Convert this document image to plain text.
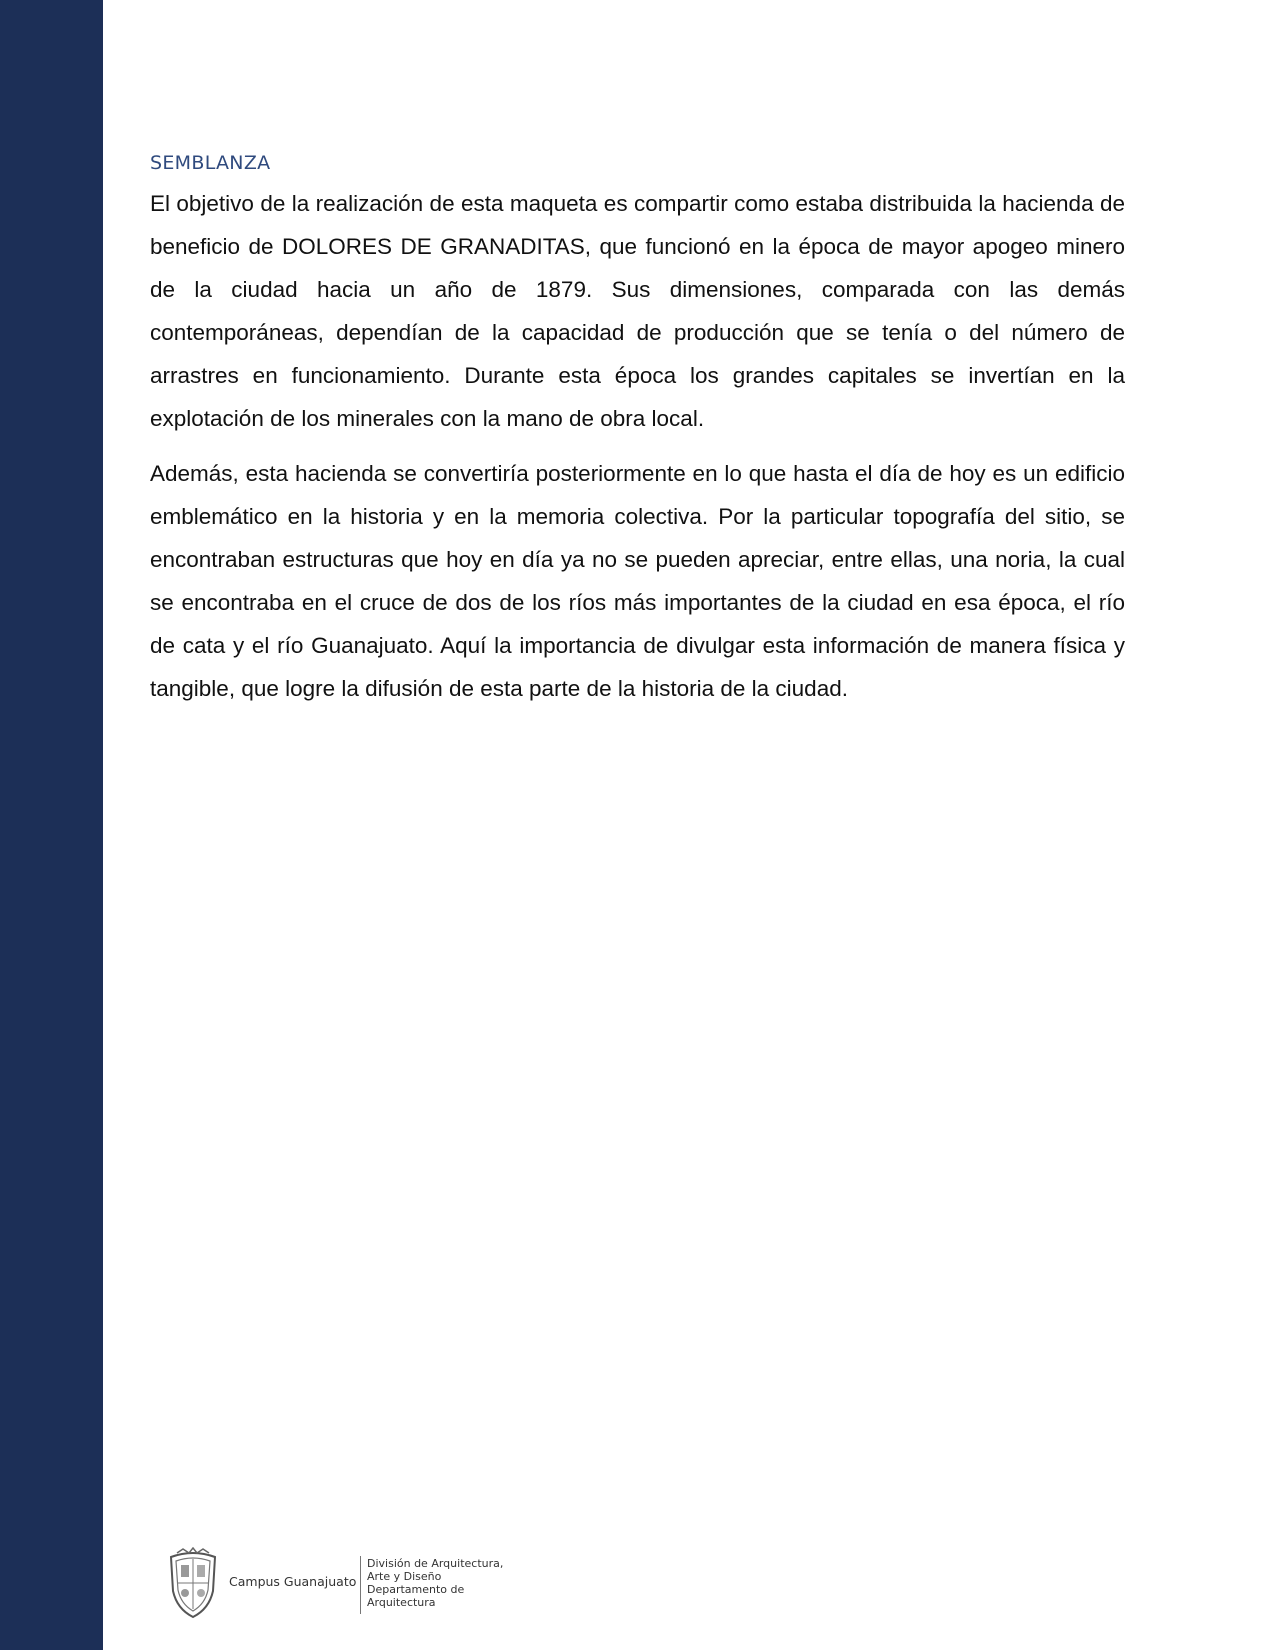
SEMBLANZA

El objetivo de la realización de esta maqueta es compartir como estaba distribuida la hacienda de beneficio de DOLORES DE GRANADITAS, que funcionó en la época de mayor apogeo minero de la ciudad hacia un año de 1879. Sus dimensiones, comparada con las demás contemporáneas, dependían de la capacidad de producción que se tenía o del número de arrastres en funcionamiento. Durante esta época los grandes capitales se invertían en la explotación de los minerales con la mano de obra local.

Además, esta hacienda se convertiría posteriormente en lo que hasta el día de hoy es un edificio emblemático en la historia y en la memoria colectiva. Por la particular topografía del sitio, se encontraban estructuras que hoy en día ya no se pueden apreciar, entre ellas, una noria, la cual se encontraba en el cruce de dos de los ríos más importantes de la ciudad en esa época, el río de cata y el río Guanajuato. Aquí la importancia de divulgar esta información de manera física y tangible, que logre la difusión de esta parte de la historia de la ciudad.

Campus Guanajuato
División de Arquitectura,
Arte y Diseño
Departamento de
Arquitectura
